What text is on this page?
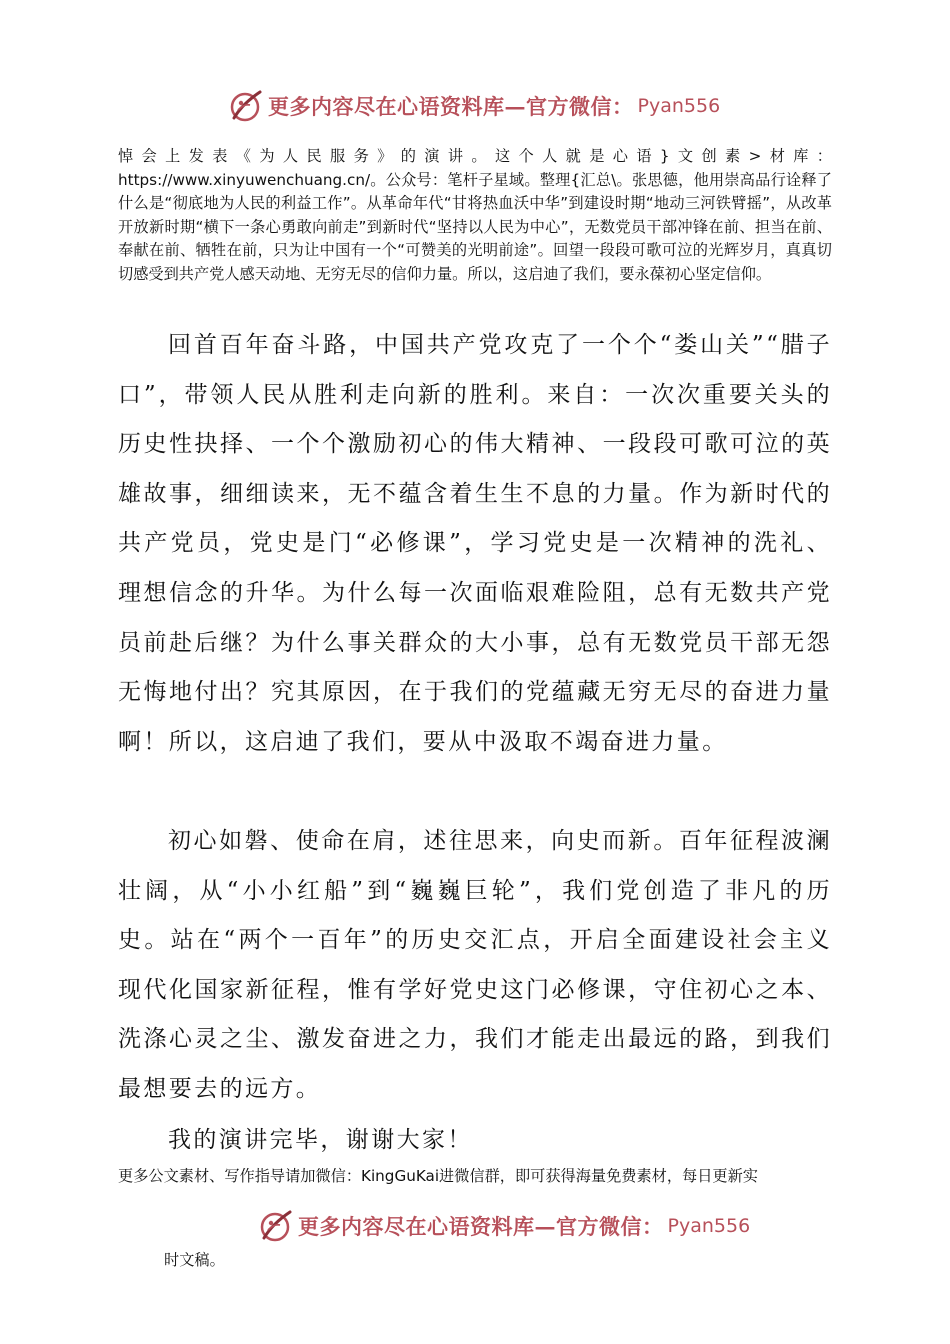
更多内容尽在心语资料库—官方微信： Pyan556

悼会上发表《为人民服务》的演讲。这个人就是心语}文创素>材库：https://www.xinyuwenchuang.cn/。公众号：笔杆子星域。整理{汇总\。张思德，他用崇高品行诠释了什么是“彻底地为人民的利益工作”。从革命年代“甘将热血沃中华”到建设时期“地动三河铁臂摇”，从改革开放新时期“横下一条心勇敢向前走”到新时代“坚持以人民为中心”，无数党员干部冲锋在前、担当在前、奉献在前、牺牲在前，只为让中国有一个“可赞美的光明前途”。回望一段段可歌可泣的光辉岁月，真真切切感受到共产党人感天动地、无穷无尽的信仰力量。所以，这启迪了我们，要永葆初心坚定信仰。

回首百年奋斗路，中国共产党攻克了一个个“娄山关”“腊子口”，带领人民从胜利走向新的胜利。来自：一次次重要关头的历史性抉择、一个个激励初心的伟大精神、一段段可歌可泣的英雄故事，细细读来，无不蕴含着生生不息的力量。作为新时代的共产党员，党史是门“必修课”，学习党史是一次精神的洗礼、理想信念的升华。为什么每一次面临艰难险阻，总有无数共产党员前赴后继？为什么事关群众的大小事，总有无数党员干部无怨无悔地付出？究其原因，在于我们的党蕴藏无穷无尽的奋进力量啊！所以，这启迪了我们，要从中汲取不竭奋进力量。

初心如磐、使命在肩，述往思来，向史而新。百年征程波澜壮阔，从“小小红船”到“巍巍巨轮”，我们党创造了非凡的历史。站在“两个一百年”的历史交汇点，开启全面建设社会主义现代化国家新征程，惟有学好党史这门必修课，守住初心之本、洗涤心灵之尘、激发奋进之力，我们才能走出最远的路，到我们最想要去的远方。

我的演讲完毕，谢谢大家！

更多公文素材、写作指导请加微信：KingGuKai进微信群，即可获得海量免费素材，每日更新实

更多内容尽在心语资料库—官方微信： Pyan556

时文稿。
